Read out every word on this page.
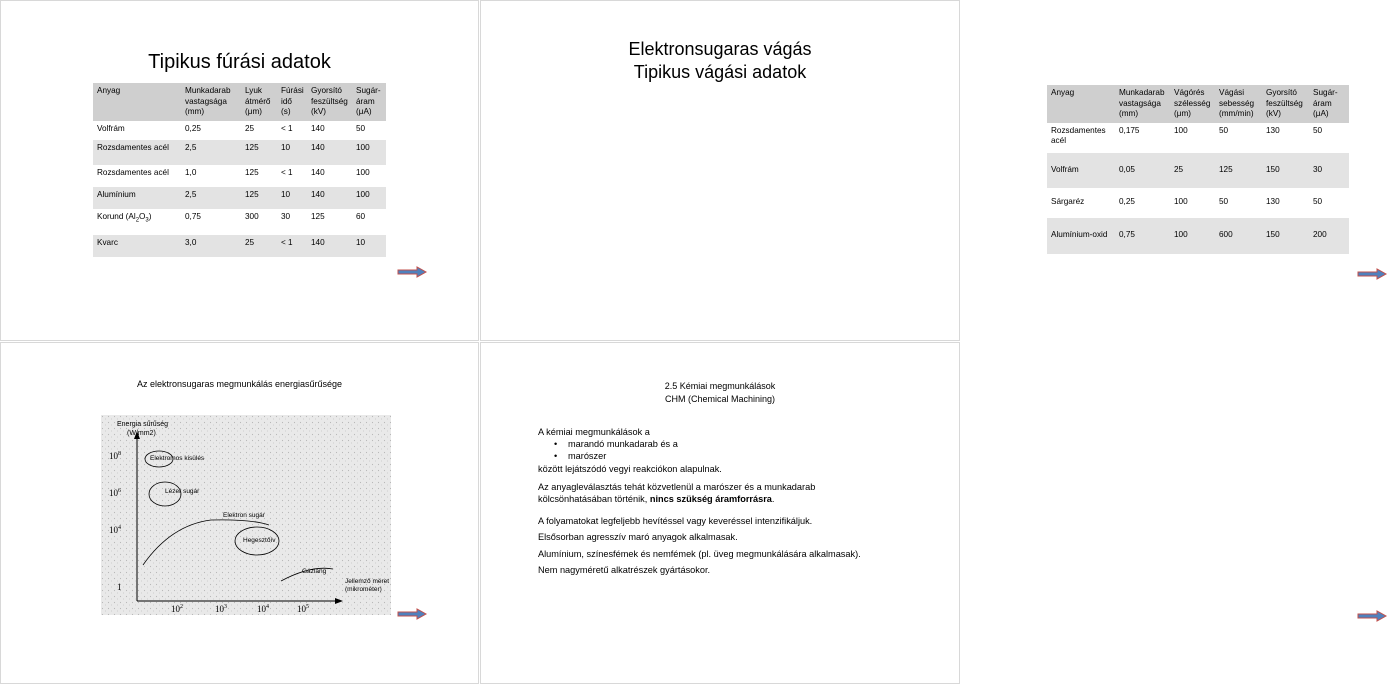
Tipikus fúrási adatok
Anyag	Munkadarab vastagsága (mm)	Lyuk átmérő (μm)	Fúrási idő (s)	Gyorsító feszültség (kV)	Sugár-áram (μA)
Volfrám	0,25	25	< 1	140	50
Rozsdamentes acél	2,5	125	10	140	100
Rozsdamentes acél	1,0	125	< 1	140	100
Alumínium	2,5	125	10	140	100
Korund $(Al_2O_3)$	0,75	300	30	125	60
Kvarc	3,0	25	< 1	140	10
Elektronsugaras vágás
Tipikus vágási adatok
Anyag	Munkadarab vastagsága (mm)	Vágórés szélesség (μm)	Vágási sebesség (mm/min)	Gyorsító feszültség (kV)	Sugár-áram (μA)
Rozsdamentes acél	0,175	100	50	130	50
Volfrám	0,05	25	125	150	30
Sárgaréz	0,25	100	50	130	50
Alumínium-oxid	0,75	100	600	150	200
Az elektronsugaras megmunkálás energiasűrűsége
Energia sűrűség
(W/mm2)
Jellemző méret
(mikrométer)
$10^8$
$10^6$
$10^4$
1
$10^2$	$10^3$	$10^4$	$10^5$
Elektromos kisülés
Lézer sugár
Elektron sugár
Hegesztőív
Gázláng
2.5 Kémiai megmunkálások
CHM (Chemical Machining)

A kémiai megmunkálások a

• marandó munkadarab és a
• marószer

között lejátszódó vegyi reakciókon alapulnak.

Az anyagleválasztás tehát közvetlenül a marószer és a munkadarab

kölcsönhatásában történik, nincs szükség áramforrásra.

A folyamatokat legfeljebb hevítéssel vagy keveréssel intenzifikáljuk.

Elsősorban agresszív maró anyagok alkalmasak.

Alumínium, színesfémek és nemfémek (pl. üveg megmunkálására alkalmasak).

Nem nagyméretű alkatrészek gyártásokor.
